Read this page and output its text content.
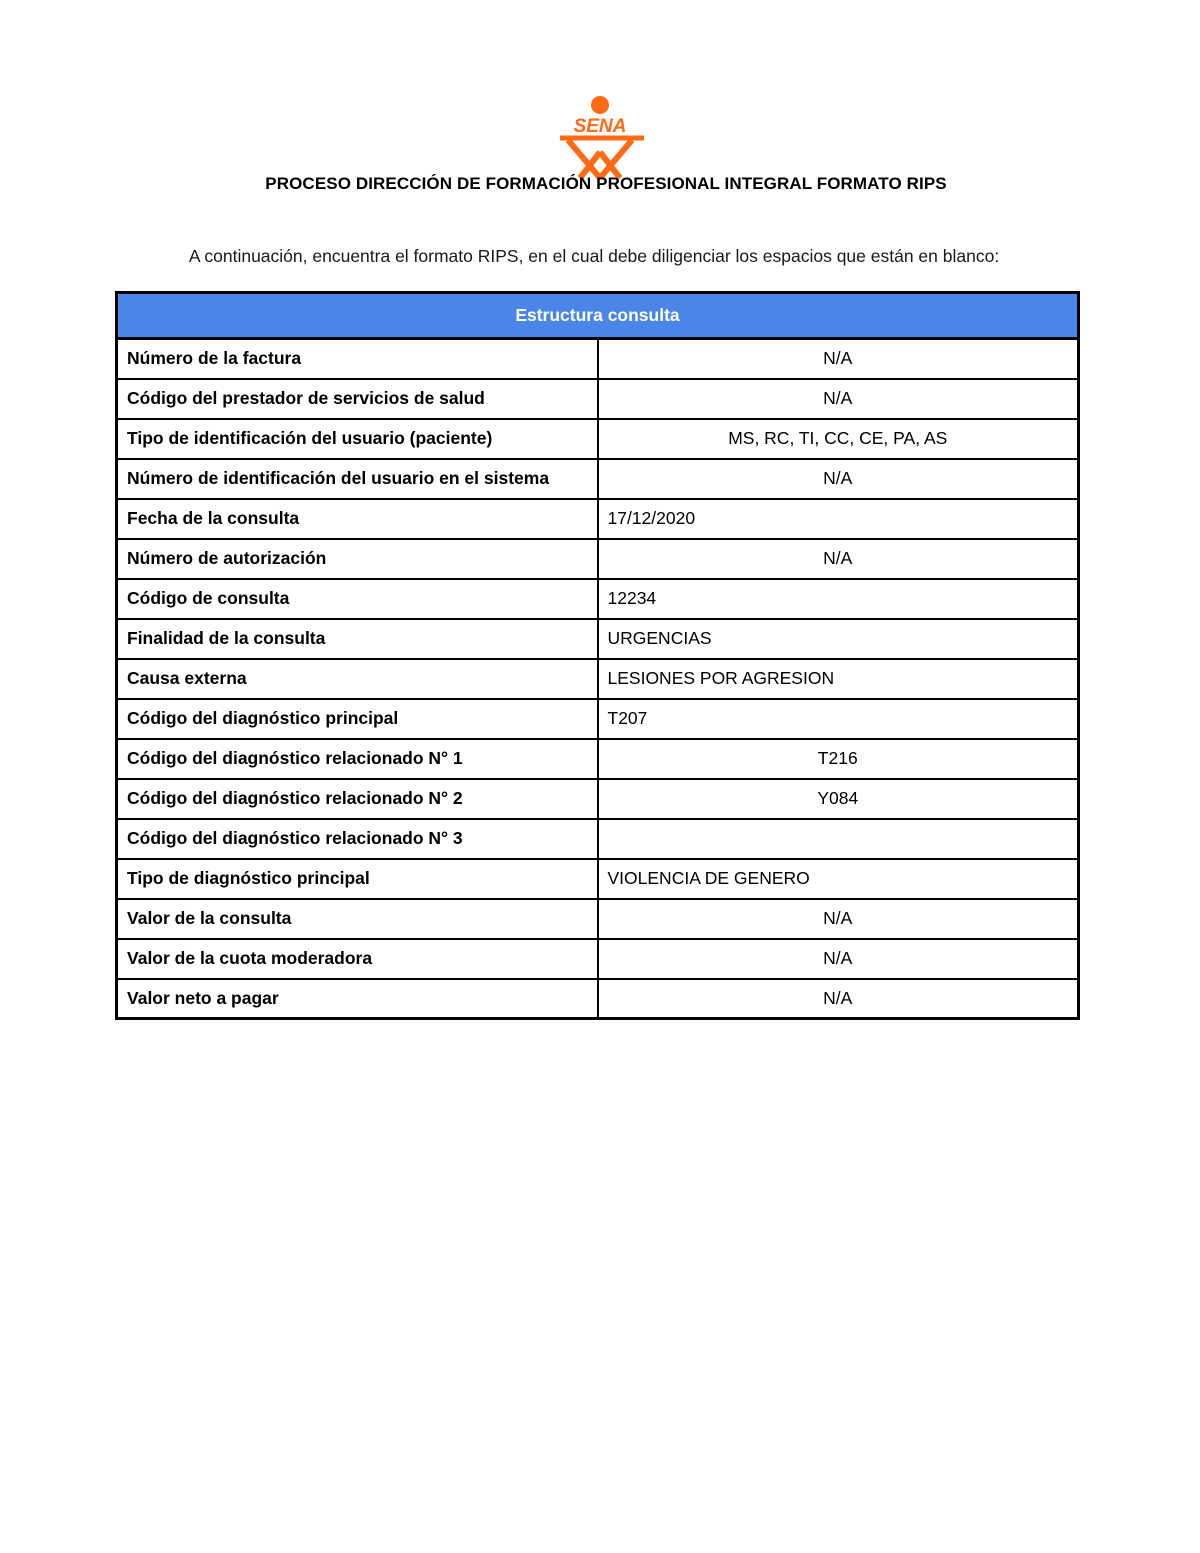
SENA
PROCESO DIRECCIÓN DE FORMACIÓN PROFESIONAL INTEGRAL FORMATO RIPS
A continuación, encuentra el formato RIPS, en el cual debe diligenciar los espacios que están en blanco:
Estructura consulta	
Número de la factura	N/A
Código del prestador de servicios de salud	N/A
Tipo de identificación del usuario (paciente)	MS, RC, TI, CC, CE, PA, AS
Número de identificación del usuario en el sistema	N/A
Fecha de la consulta	17/12/2020
Número de autorización	N/A
Código de consulta	12234
Finalidad de la consulta	URGENCIAS
Causa externa	LESIONES POR AGRESION
Código del diagnóstico principal	T207
Código del diagnóstico relacionado N° 1	T216
Código del diagnóstico relacionado N° 2	Y084
Código del diagnóstico relacionado N° 3	
Tipo de diagnóstico principal	VIOLENCIA DE GENERO
Valor de la consulta	N/A
Valor de la cuota moderadora	N/A
Valor neto a pagar	N/A
